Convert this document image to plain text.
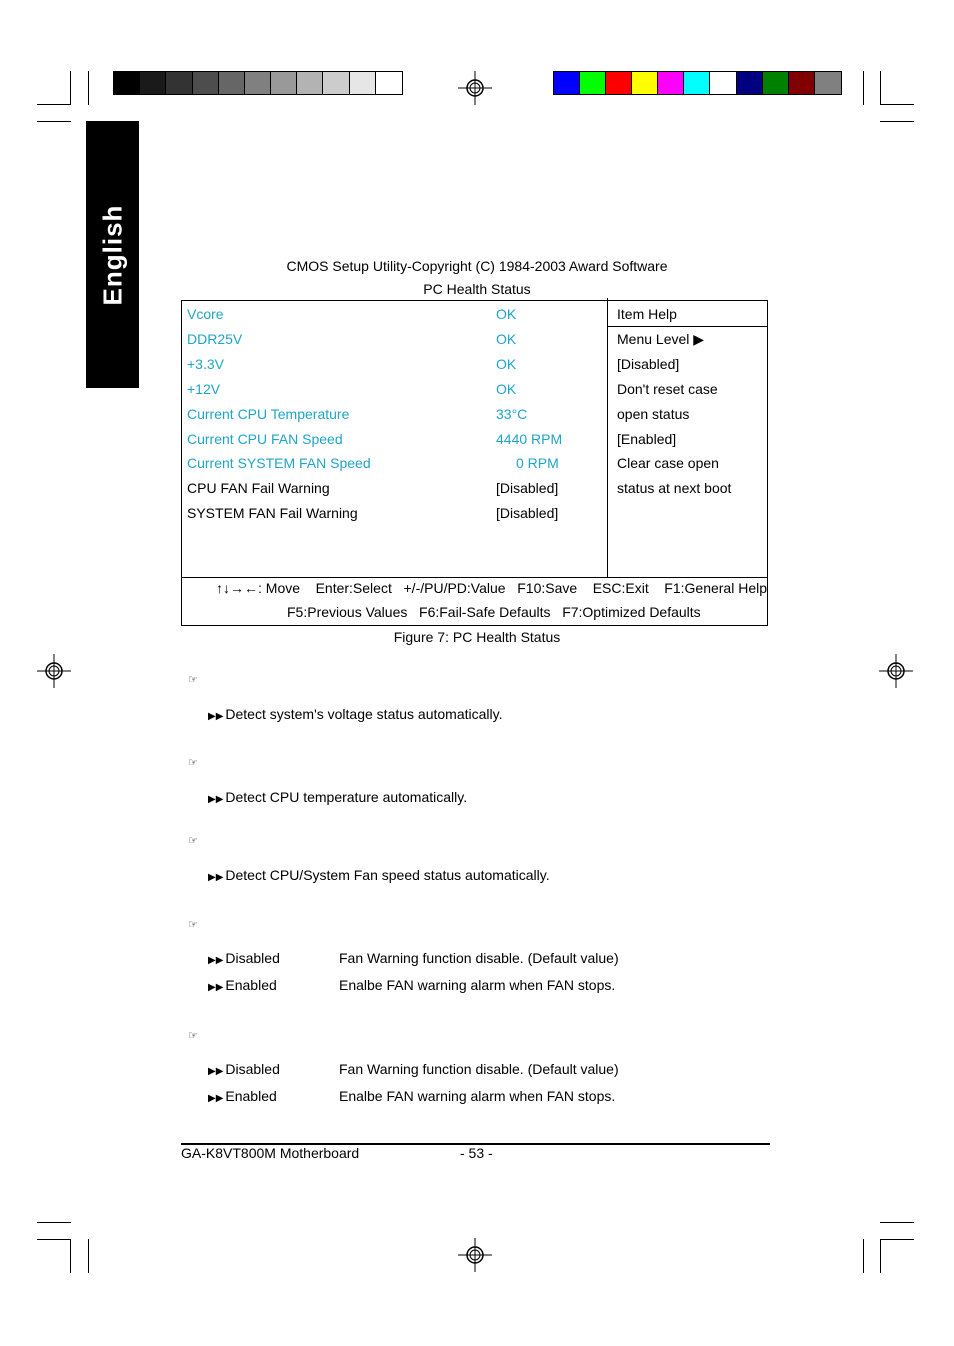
English	CMOS Setup Utility-Copyright (C) 1984-2003 Award Software
PC Health Status
Vcore	OK
DDR25V	OK
+3.3V	OK
+12V	OK
Current CPU Temperature	33°C
Current CPU FAN Speed	4440 RPM
Current SYSTEM FAN Speed	0 RPM
CPU FAN Fail Warning	[Disabled]
SYSTEM FAN Fail Warning	[Disabled]
Item Help
Menu Level ▶
[Disabled]
Don't reset case
open status
[Enabled]
Clear case open
status at next boot
↑↓→←: Move    Enter:Select   +/-/PU/PD:Value   F10:Save    ESC:Exit    F1:General Help
F5:Previous Values   F6:Fail-Safe Defaults   F7:Optimized Defaults
Figure 7: PC Health Status
☞
▶▶ Detect system's voltage status automatically.
☞
▶▶ Detect CPU temperature automatically.
☞
▶▶ Detect CPU/System Fan speed status automatically.
☞
▶▶ Disabled	Fan Warning function disable. (Default value)
▶▶ Enabled	Enalbe FAN warning alarm when FAN stops.
☞
▶▶ Disabled	Fan Warning function disable. (Default value)
▶▶ Enabled	Enalbe FAN warning alarm when FAN stops.
GA-K8VT800M Motherboard	- 53 -
